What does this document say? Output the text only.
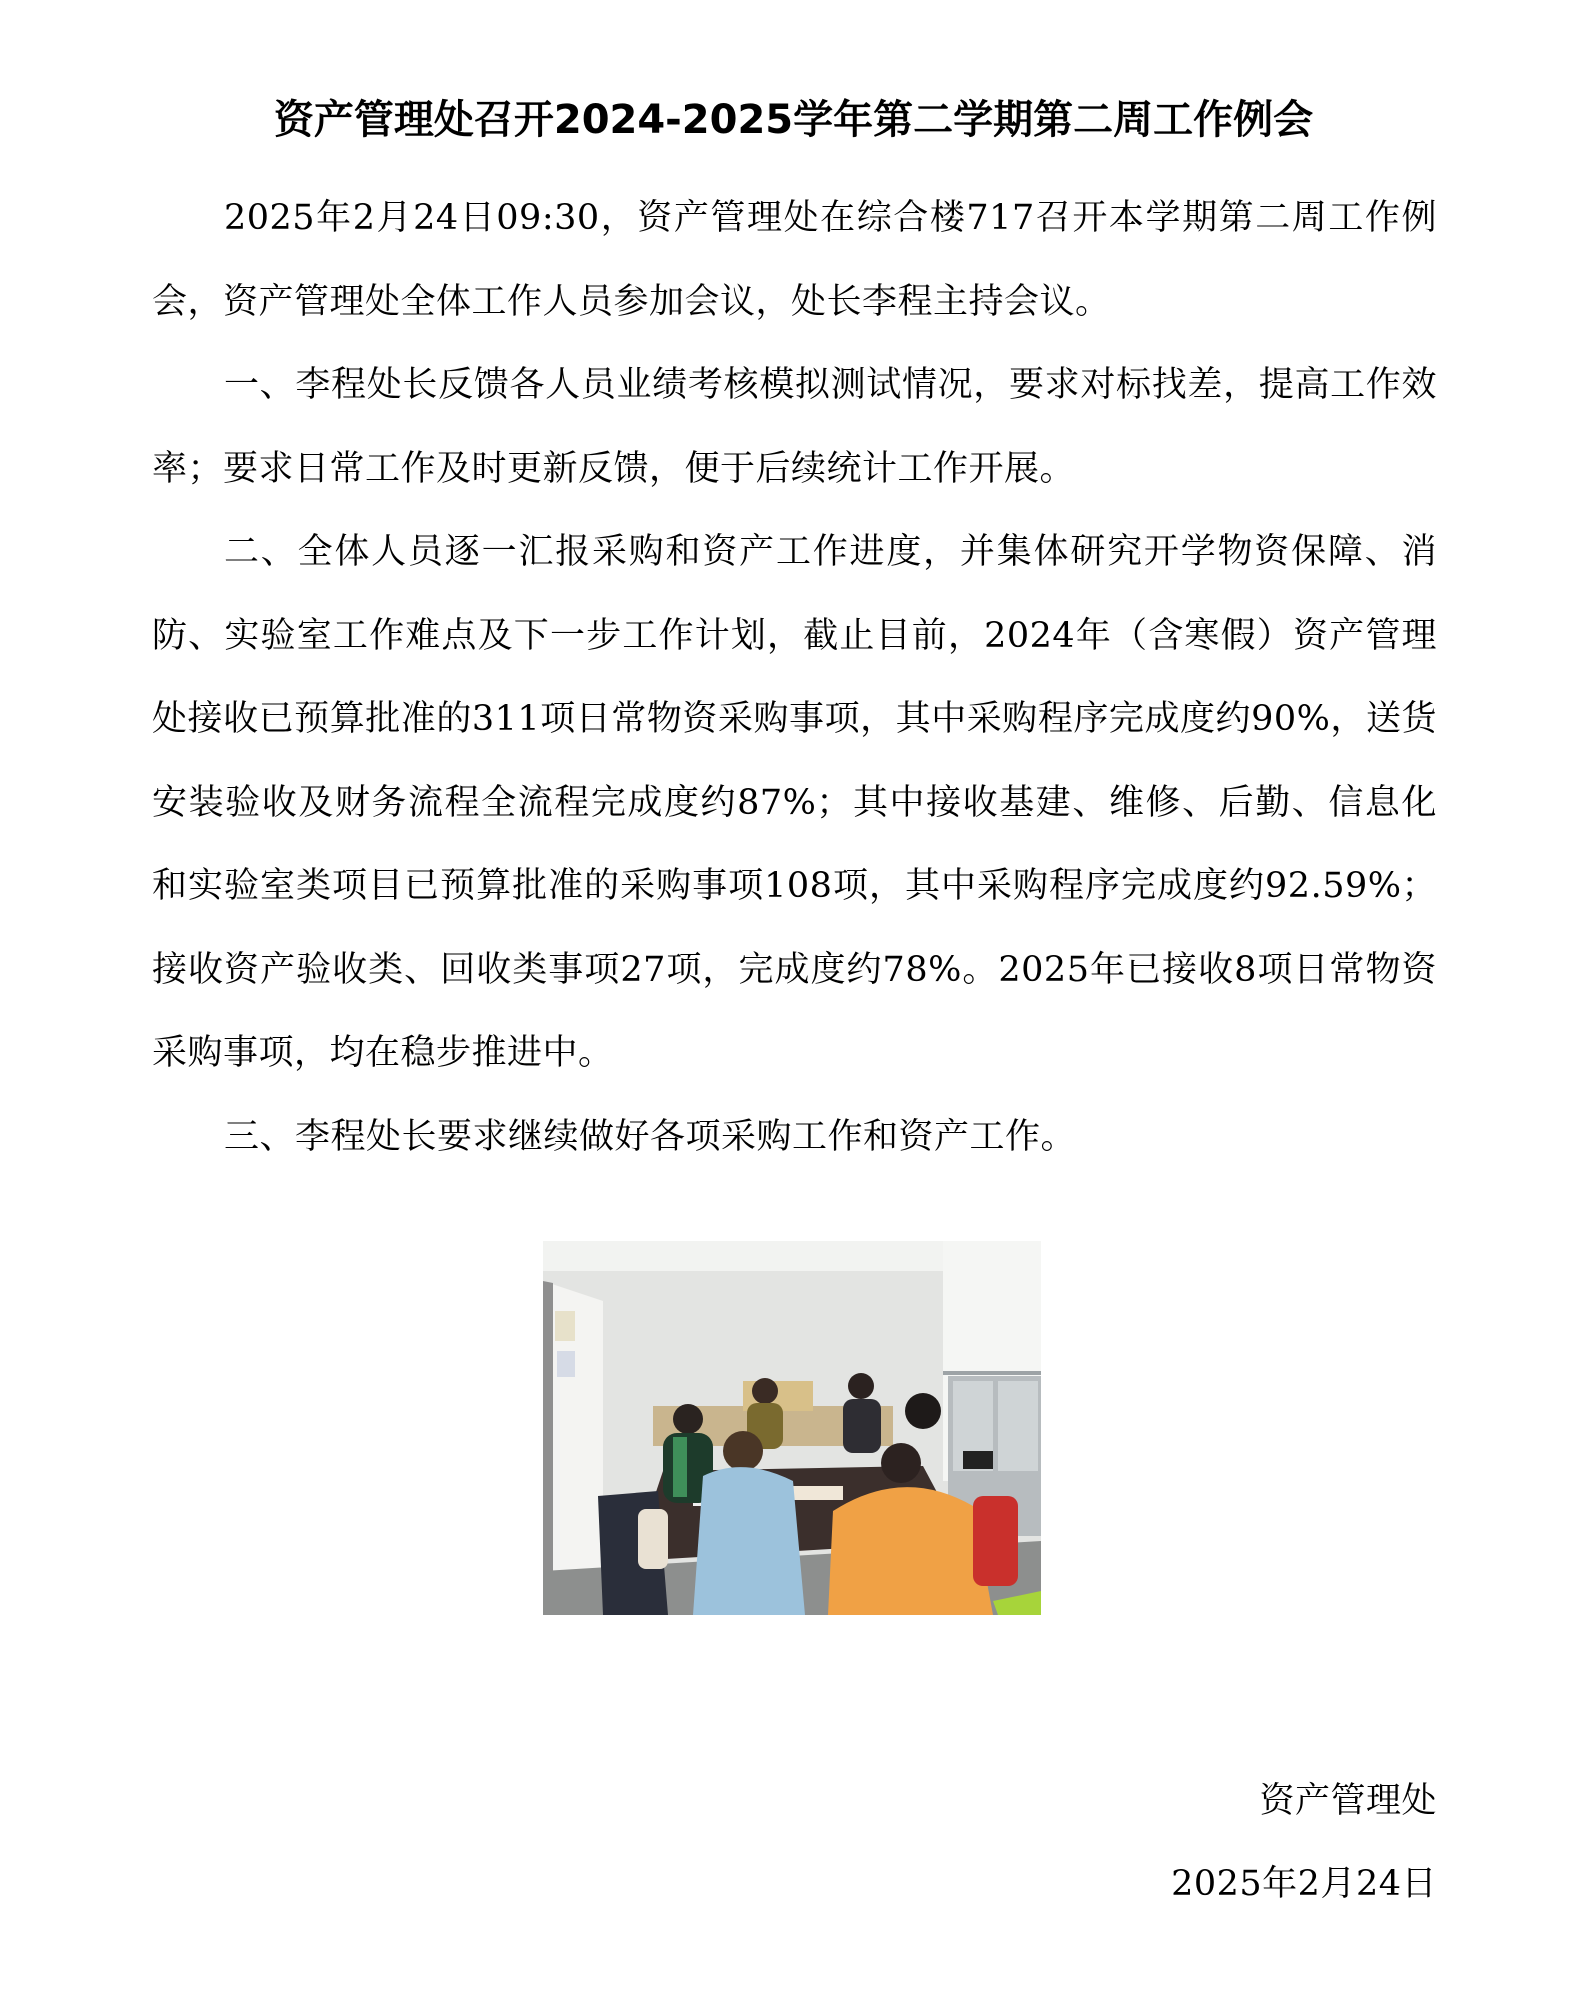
资产管理处召开2024-2025学年第二学期第二周工作例会

2025年2月24日09:30，资产管理处在综合楼717召开本学期第二周工作例会，资产管理处全体工作人员参加会议，处长李程主持会议。

一、李程处长反馈各人员业绩考核模拟测试情况，要求对标找差，提高工作效率；要求日常工作及时更新反馈，便于后续统计工作开展。

二、全体人员逐一汇报采购和资产工作进度，并集体研究开学物资保障、消防、实验室工作难点及下一步工作计划，截止目前，2024年（含寒假）资产管理处接收已预算批准的311项日常物资采购事项，其中采购程序完成度约90%，送货安装验收及财务流程全流程完成度约87%；其中接收基建、维修、后勤、信息化和实验室类项目已预算批准的采购事项108项，其中采购程序完成度约92.59%；接收资产验收类、回收类事项27项，完成度约78%。2025年已接收8项日常物资采购事项，均在稳步推进中。

三、李程处长要求继续做好各项采购工作和资产工作。

资产管理处
2025年2月24日
